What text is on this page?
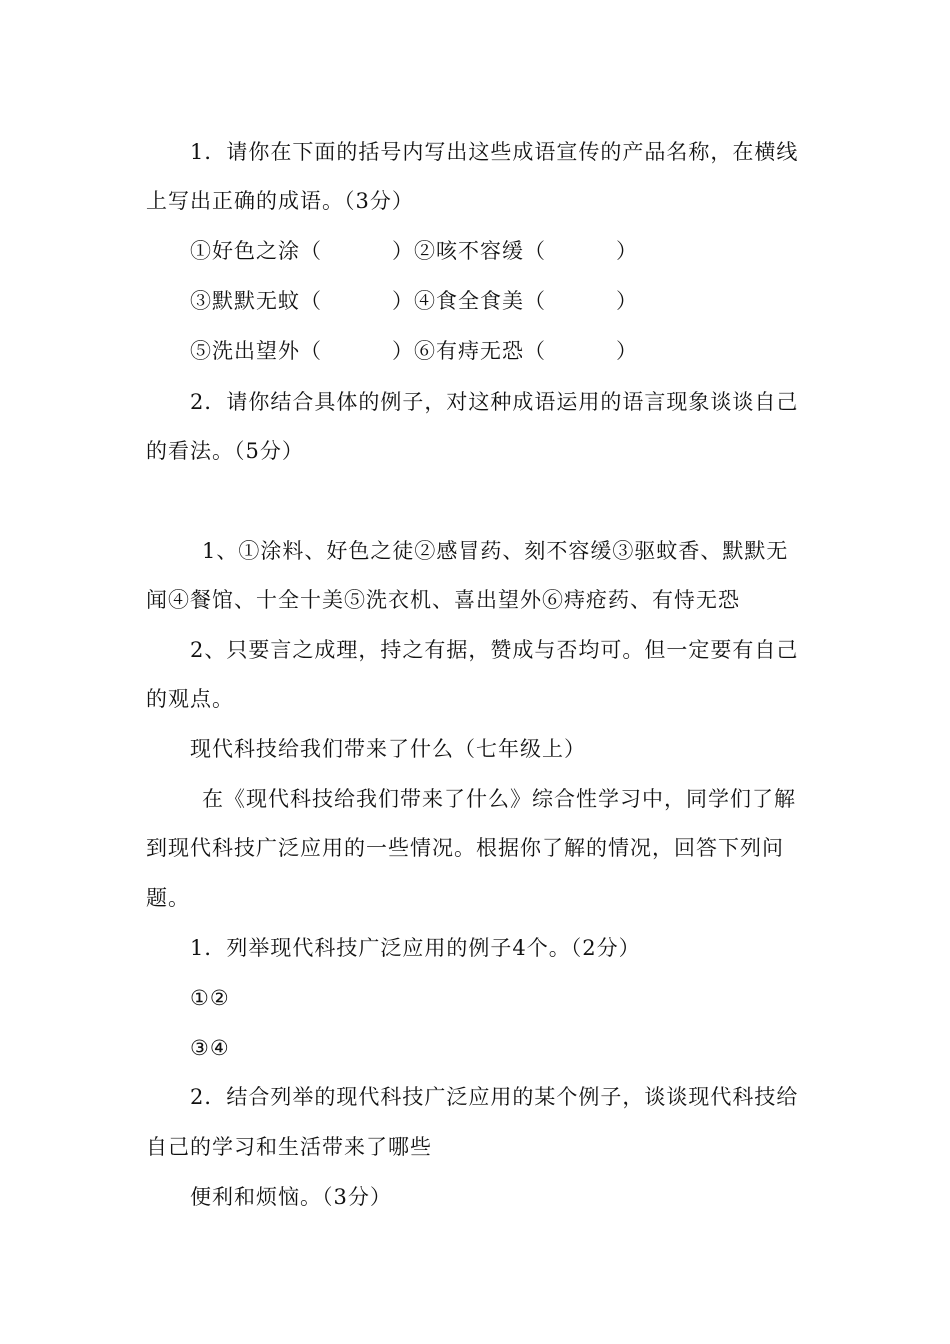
1．请你在下面的括号内写出这些成语宣传的产品名称，在横线
上写出正确的成语。（3分）
①好色之涂（	）②咳不容缓（	）
③默默无蚊（	）④食全食美（	）
⑤洗出望外（	）⑥有痔无恐（	）
2．请你结合具体的例子，对这种成语运用的语言现象谈谈自己
的看法。（5分）
1、①涂料、好色之徒②感冒药、刻不容缓③驱蚊香、默默无
闻④餐馆、十全十美⑤洗衣机、喜出望外⑥痔疮药、有恃无恐
2、只要言之成理，持之有据，赞成与否均可。但一定要有自己
的观点。
现代科技给我们带来了什么（七年级上）
在《现代科技给我们带来了什么》综合性学习中，同学们了解
到现代科技广泛应用的一些情况。根据你了解的情况，回答下列问
题。
1．列举现代科技广泛应用的例子4个。（2分）
①②
③④
2．结合列举的现代科技广泛应用的某个例子，谈谈现代科技给
自己的学习和生活带来了哪些
便利和烦恼。（3分）
